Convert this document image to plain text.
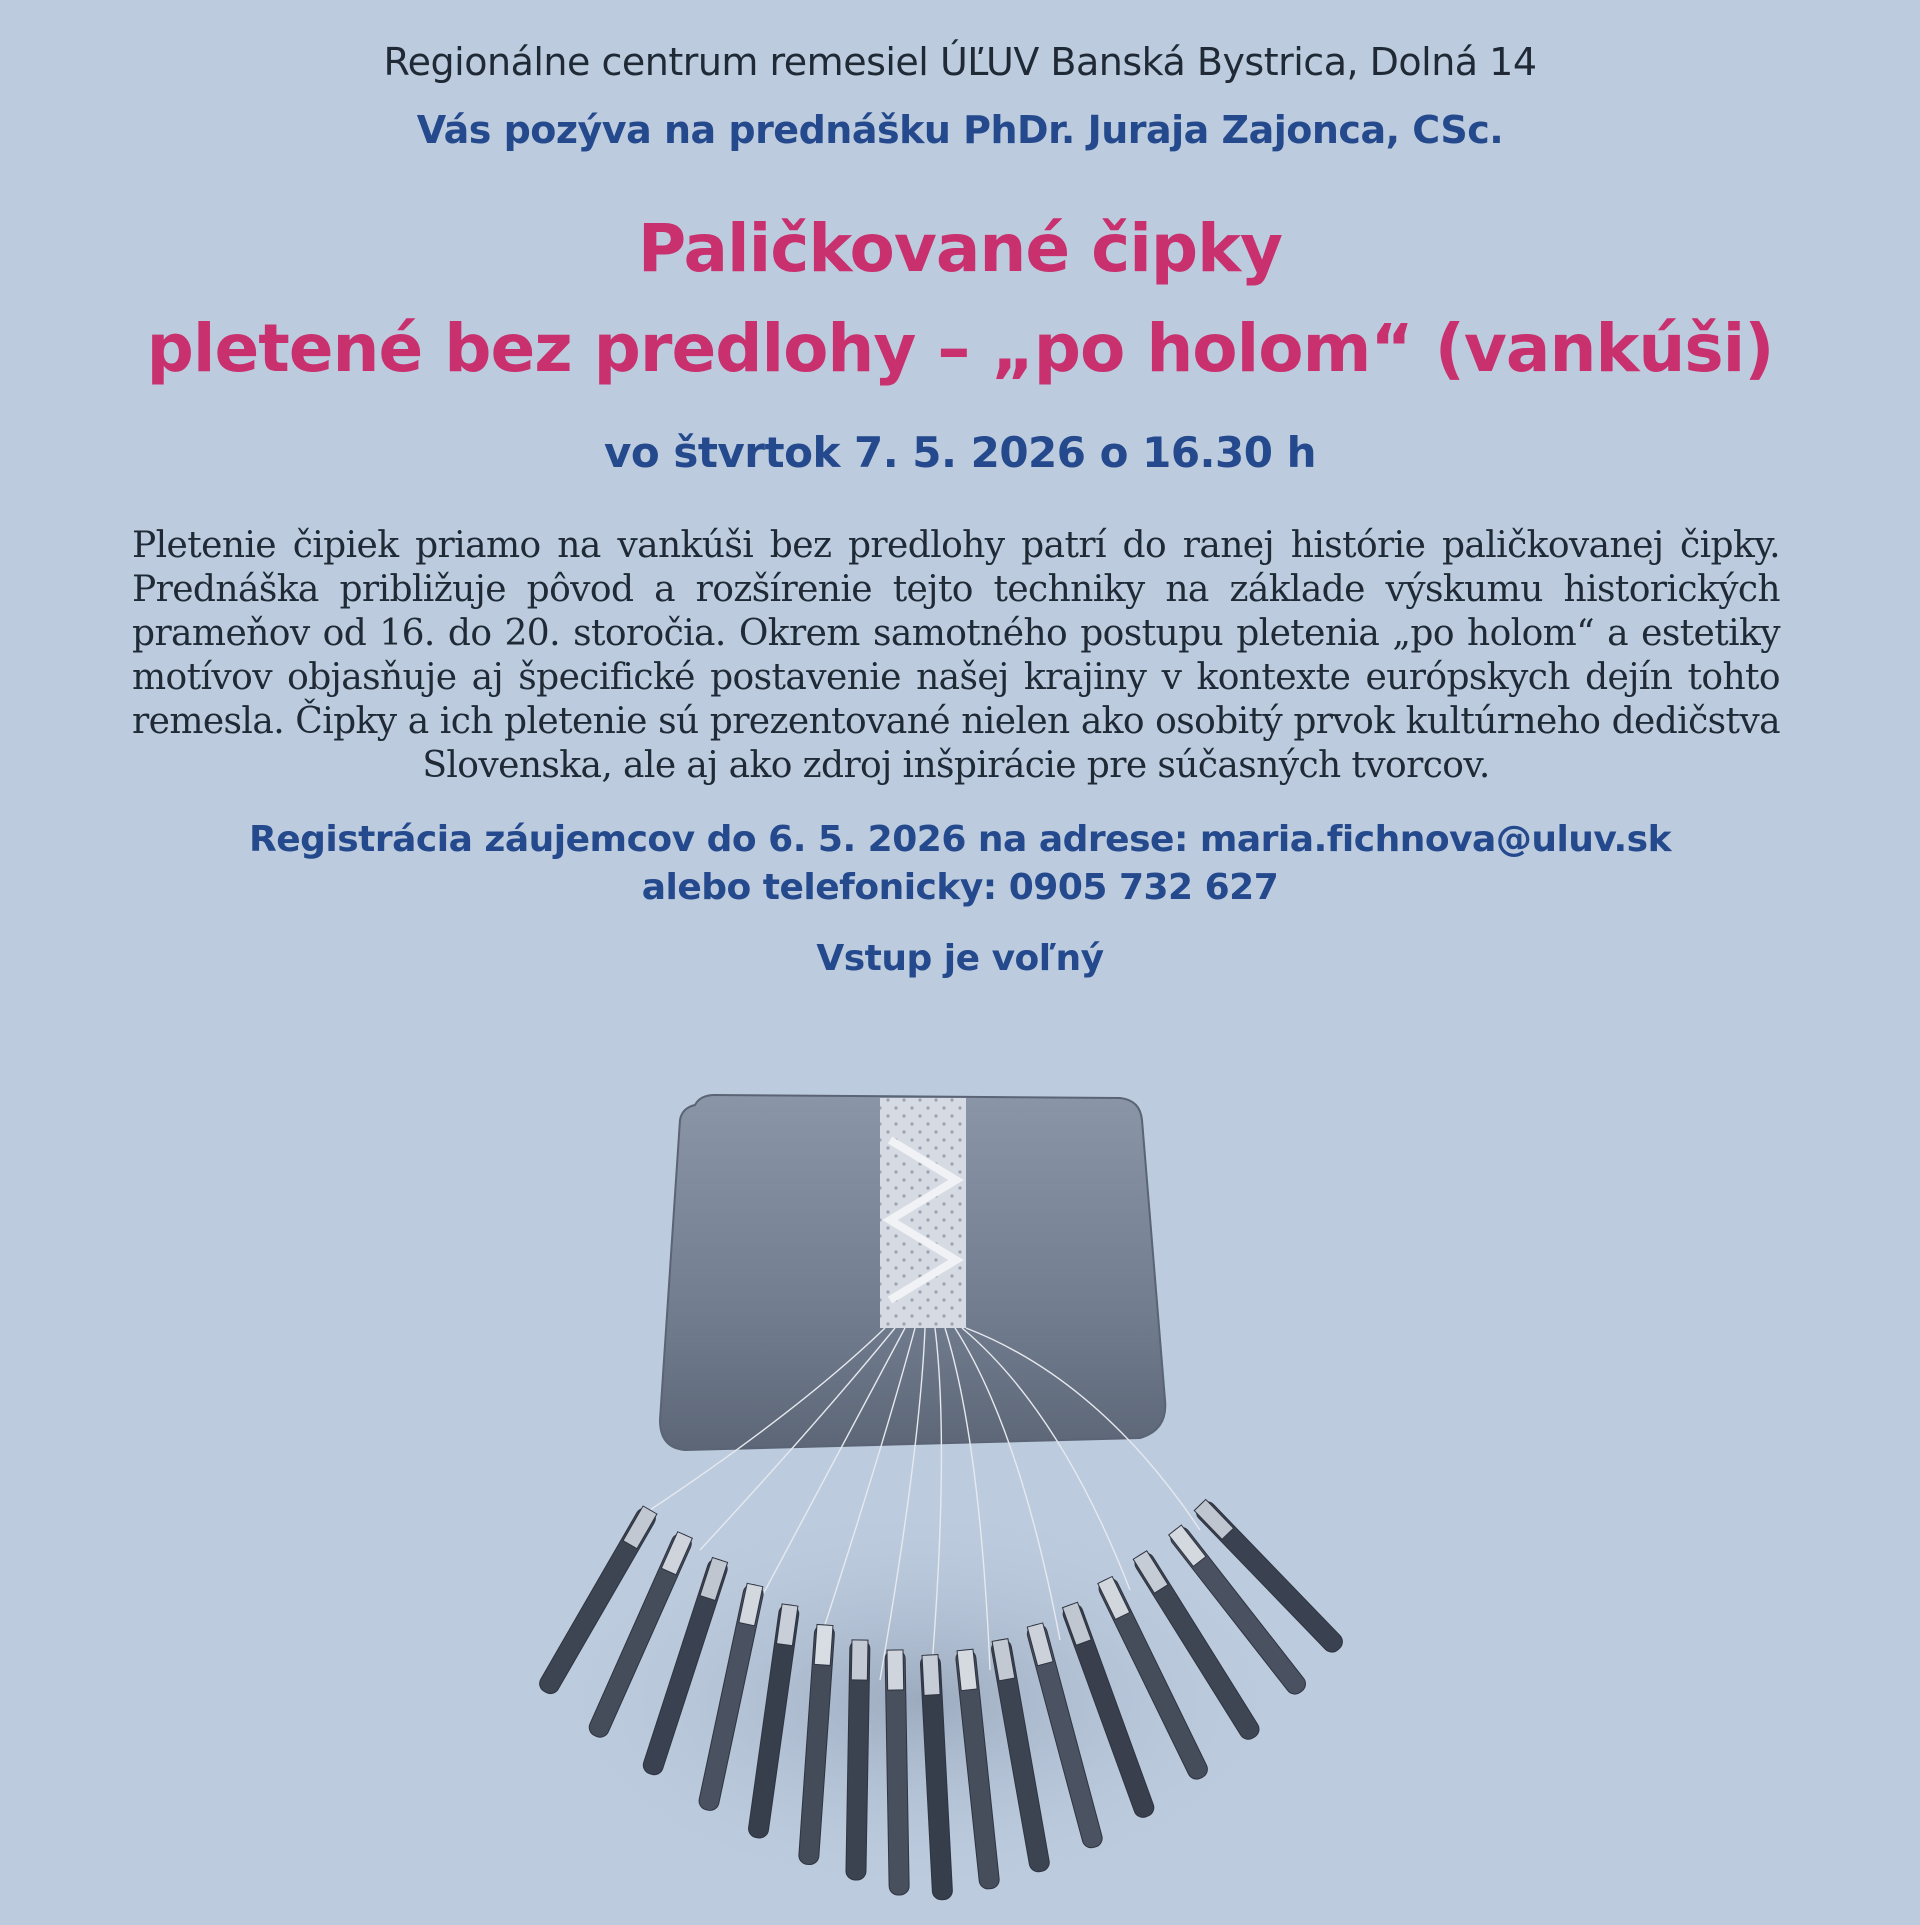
Regionálne centrum remesiel ÚĽUV Banská Bystrica, Dolná 14
Vás pozýva na prednášku PhDr. Juraja Zajonca, CSc.
Paličkované čipky
pletené bez predlohy – „po holom“ (vankúši)
vo štvrtok 7. 5. 2026 o 16.30 h
Pletenie čipiek priamo na vankúši bez predlohy patrí do ranej histórie paličkovanej čipky. Prednáška približuje pôvod a rozšírenie tejto techniky na základe výskumu historických prameňov od 16. do 20. storočia. Okrem samotného postupu pletenia „po holom“ a estetiky motívov objasňuje aj špecifické postavenie našej krajiny v kontexte európskych dejín tohto remesla. Čipky a ich pletenie sú prezentované nielen ako osobitý prvok kultúrneho dedičstva Slovenska, ale aj ako zdroj inšpirácie pre súčasných tvorcov.
Registrácia záujemcov do 6. 5. 2026 na adrese: maria.fichnova@uluv.sk
alebo telefonicky: 0905 732 627
Vstup je voľný
